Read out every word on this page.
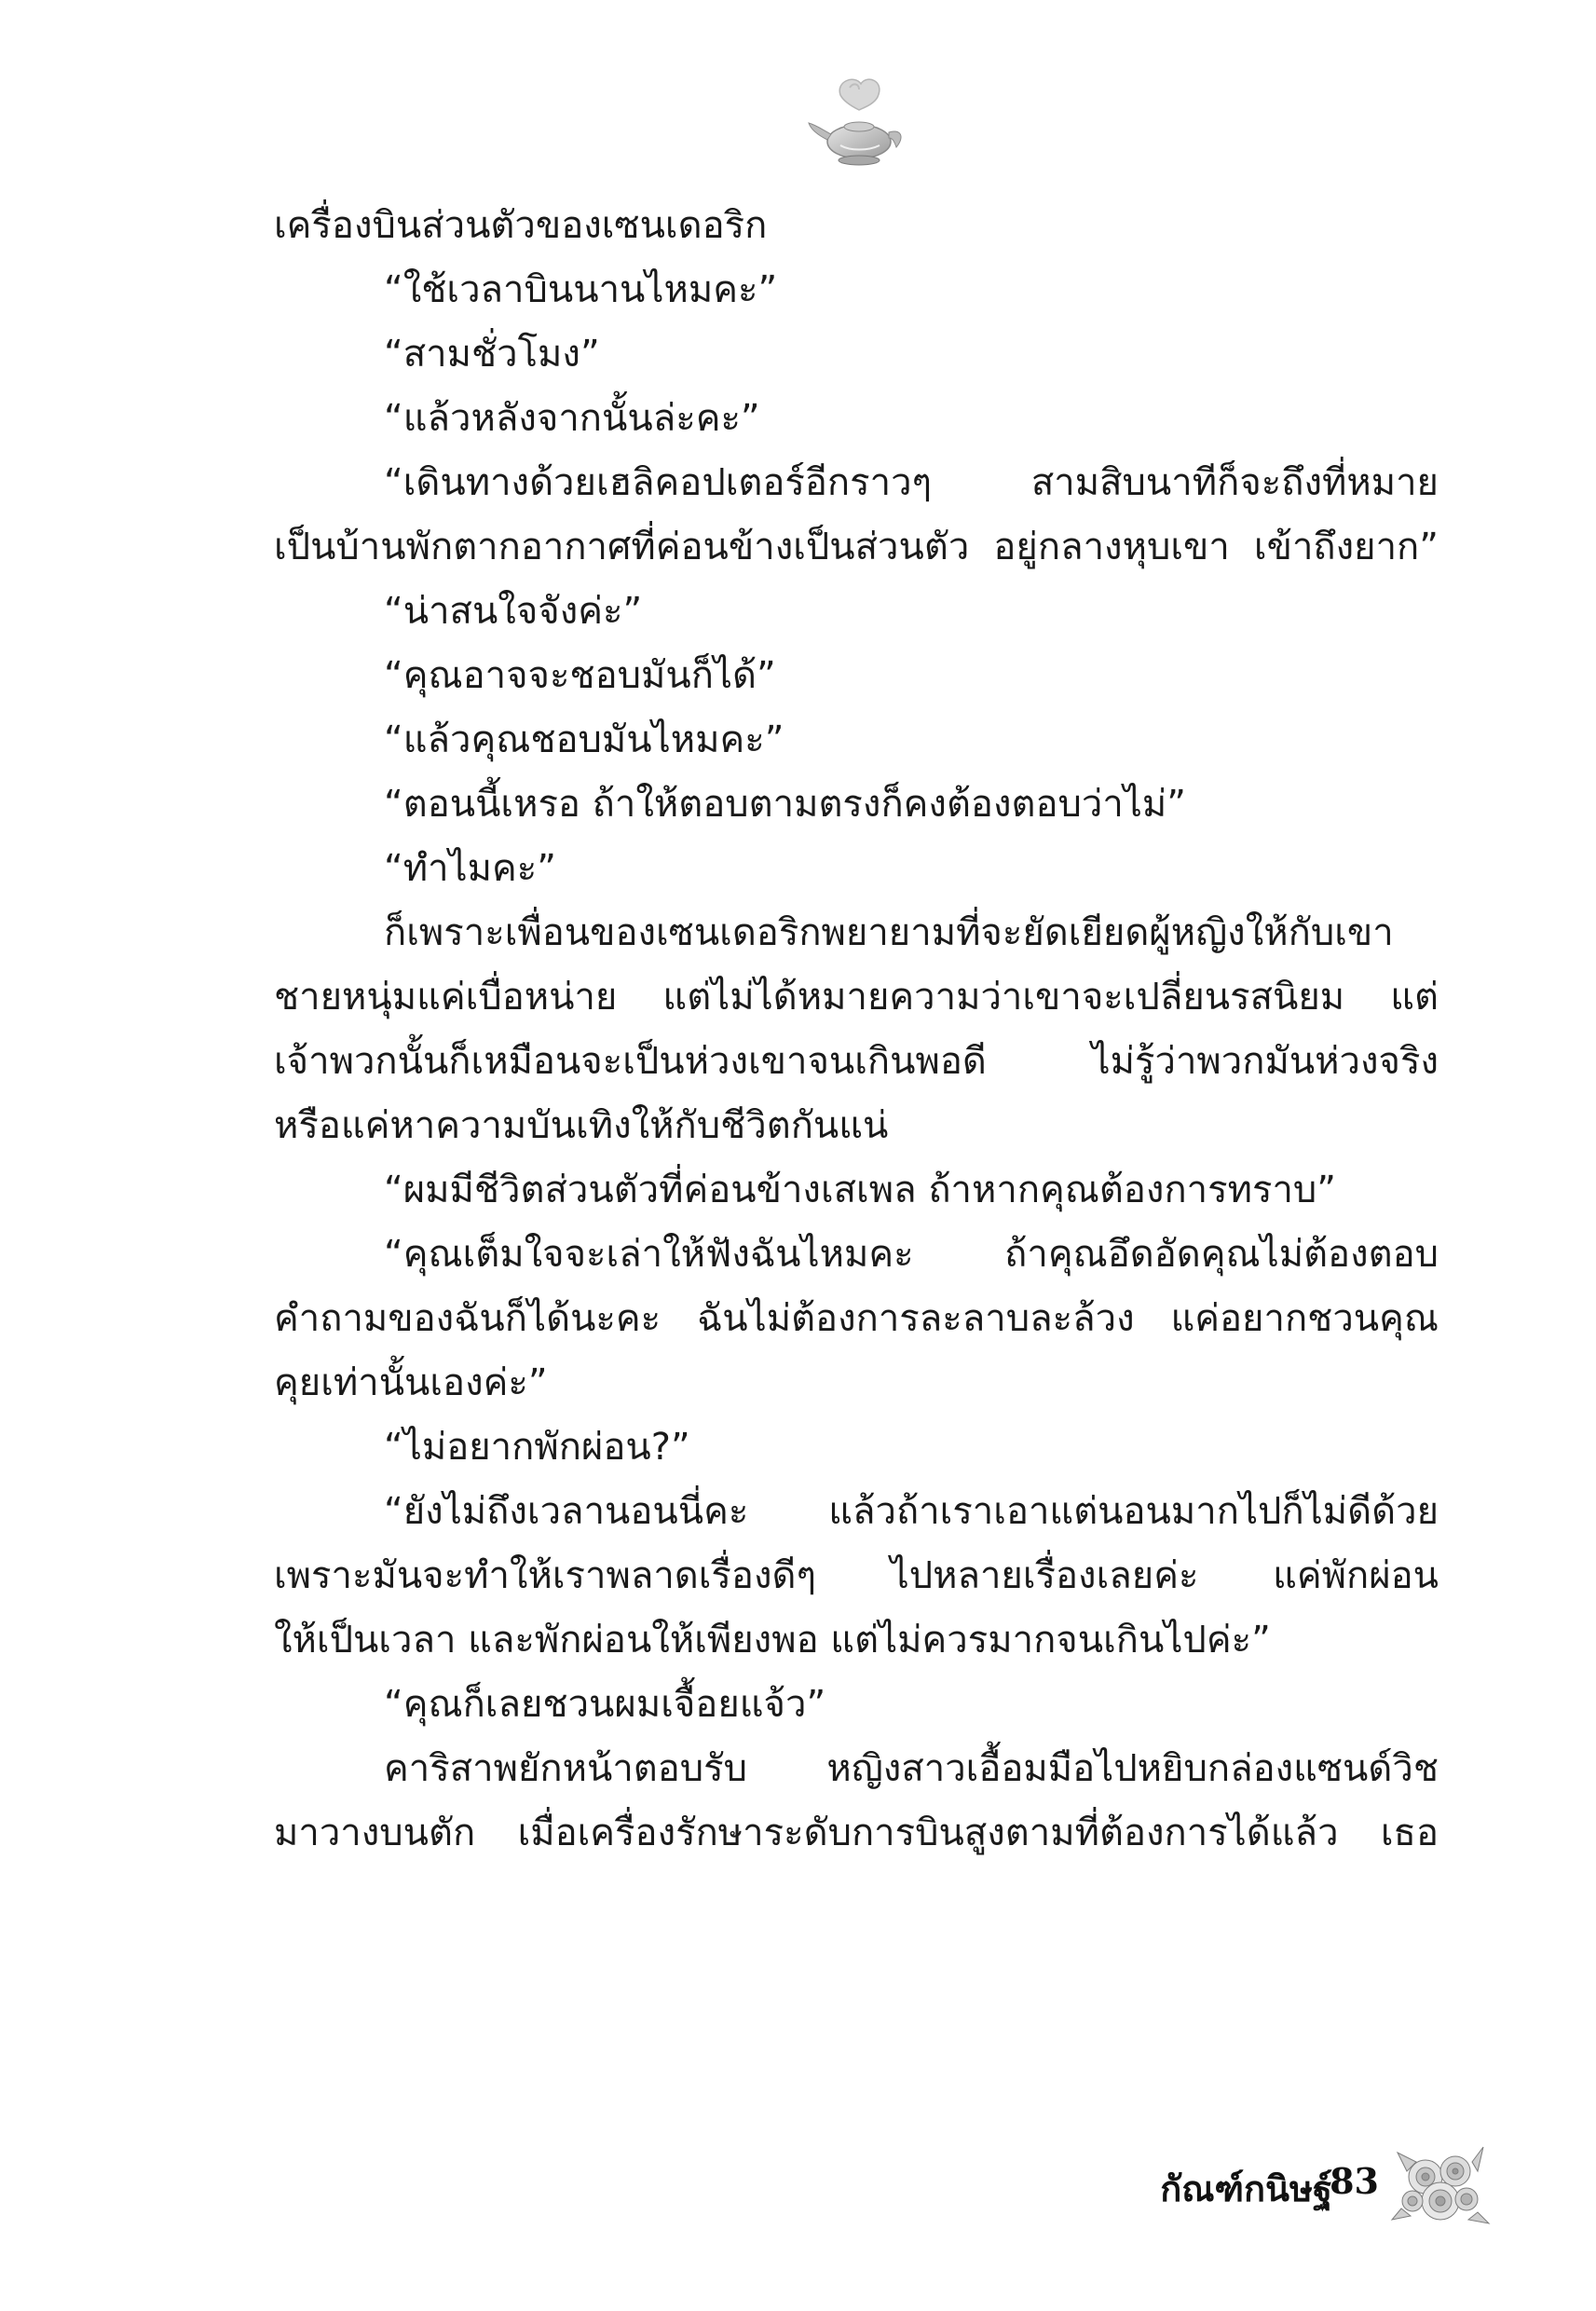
เครื่องบินส่วนตัวของเซนเดอริก
“ใช้เวลาบินนานไหมคะ”
“สามชั่วโมง”
“แล้วหลังจากนั้นล่ะคะ”
“เดินทางด้วยเฮลิคอปเตอร์อีกราวๆ สามสิบนาทีก็จะถึงที่หมาย
เป็นบ้านพักตากอากาศที่ค่อนข้างเป็นส่วนตัว อยู่กลางหุบเขา เข้าถึงยาก”
“น่าสนใจจังค่ะ”
“คุณอาจจะชอบมันก็ได้”
“แล้วคุณชอบมันไหมคะ”
“ตอนนี้เหรอ ถ้าให้ตอบตามตรงก็คงต้องตอบว่าไม่”
“ทำไมคะ”
ก็เพราะเพื่อนของเซนเดอริกพยายามที่จะยัดเยียดผู้หญิงให้กับเขา
ชายหนุ่มแค่เบื่อหน่าย แต่ไม่ได้หมายความว่าเขาจะเปลี่ยนรสนิยม แต่
เจ้าพวกนั้นก็เหมือนจะเป็นห่วงเขาจนเกินพอดี ไม่รู้ว่าพวกมันห่วงจริง
หรือแค่หาความบันเทิงให้กับชีวิตกันแน่
“ผมมีชีวิตส่วนตัวที่ค่อนข้างเสเพล ถ้าหากคุณต้องการทราบ”
“คุณเต็มใจจะเล่าให้ฟังฉันไหมคะ ถ้าคุณอึดอัดคุณไม่ต้องตอบ
คำถามของฉันก็ได้นะคะ ฉันไม่ต้องการละลาบละล้วง แค่อยากชวนคุณ
คุยเท่านั้นเองค่ะ”
“ไม่อยากพักผ่อน?”
“ยังไม่ถึงเวลานอนนี่คะ แล้วถ้าเราเอาแต่นอนมากไปก็ไม่ดีด้วย
เพราะมันจะทำให้เราพลาดเรื่องดีๆ ไปหลายเรื่องเลยค่ะ แค่พักผ่อน
ให้เป็นเวลา และพักผ่อนให้เพียงพอ แต่ไม่ควรมากจนเกินไปค่ะ”
“คุณก็เลยชวนผมเจื้อยแจ้ว”
คาริสาพยักหน้าตอบรับ หญิงสาวเอื้อมมือไปหยิบกล่องแซนด์วิช
มาวางบนตัก เมื่อเครื่องรักษาระดับการบินสูงตามที่ต้องการได้แล้ว เธอ
กัณฑ์กนิษฐ์
83
